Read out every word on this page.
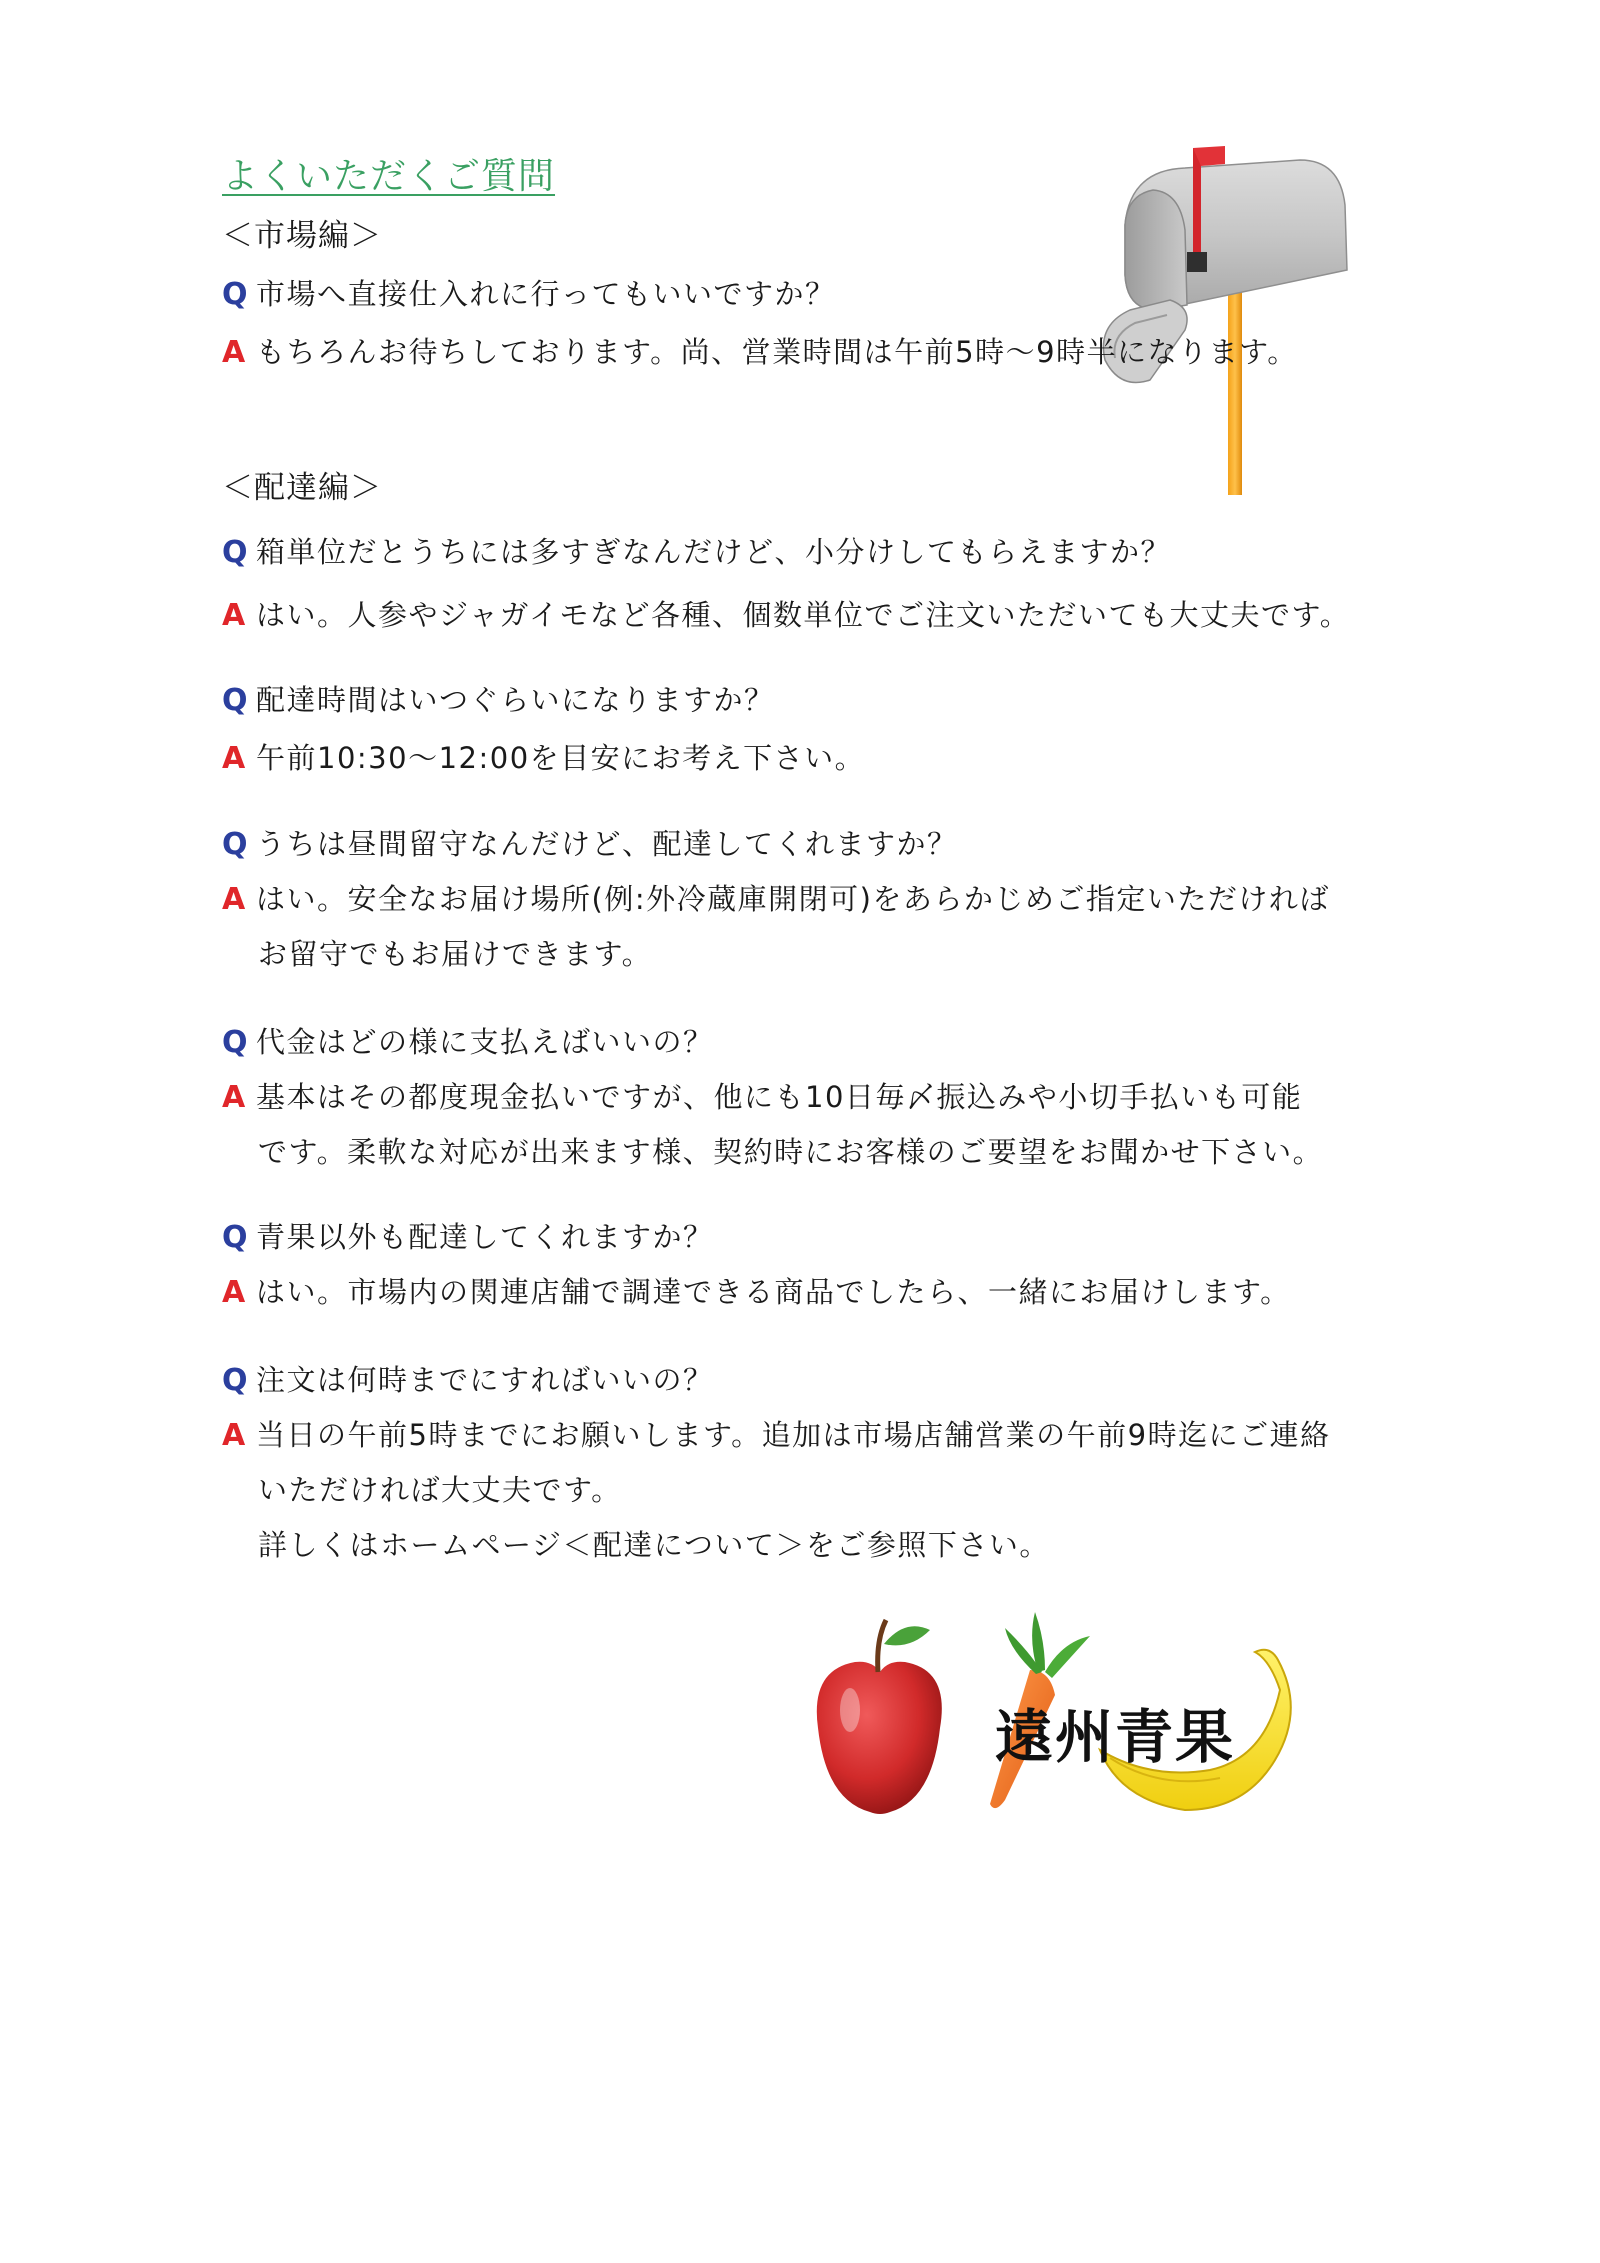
よくいただくご質問
＜市場編＞
Q 市場へ直接仕入れに行ってもいいですか？
A もちろんお待ちしております。尚、営業時間は午前5時～9時半になります。
＜配達編＞
Q 箱単位だとうちには多すぎなんだけど、小分けしてもらえますか？
A はい。人参やジャガイモなど各種、個数単位でご注文いただいても大丈夫です。
Q 配達時間はいつぐらいになりますか？
A 午前10:30～12:00を目安にお考え下さい。
Q うちは昼間留守なんだけど、配達してくれますか？
A はい。安全なお届け場所(例:外冷蔵庫開閉可)をあらかじめご指定いただければ
お留守でもお届けできます。
Q 代金はどの様に支払えばいいの？
A 基本はその都度現金払いですが、他にも10日毎〆振込みや小切手払いも可能
です。柔軟な対応が出来ます様、契約時にお客様のご要望をお聞かせ下さい。
Q 青果以外も配達してくれますか？
A はい。市場内の関連店舗で調達できる商品でしたら、一緒にお届けします。
Q 注文は何時までにすればいいの？
A 当日の午前5時までにお願いします。追加は市場店舗営業の午前9時迄にご連絡
いただければ大丈夫です。
詳しくはホームページ＜配達について＞をご参照下さい。
遠州青果
